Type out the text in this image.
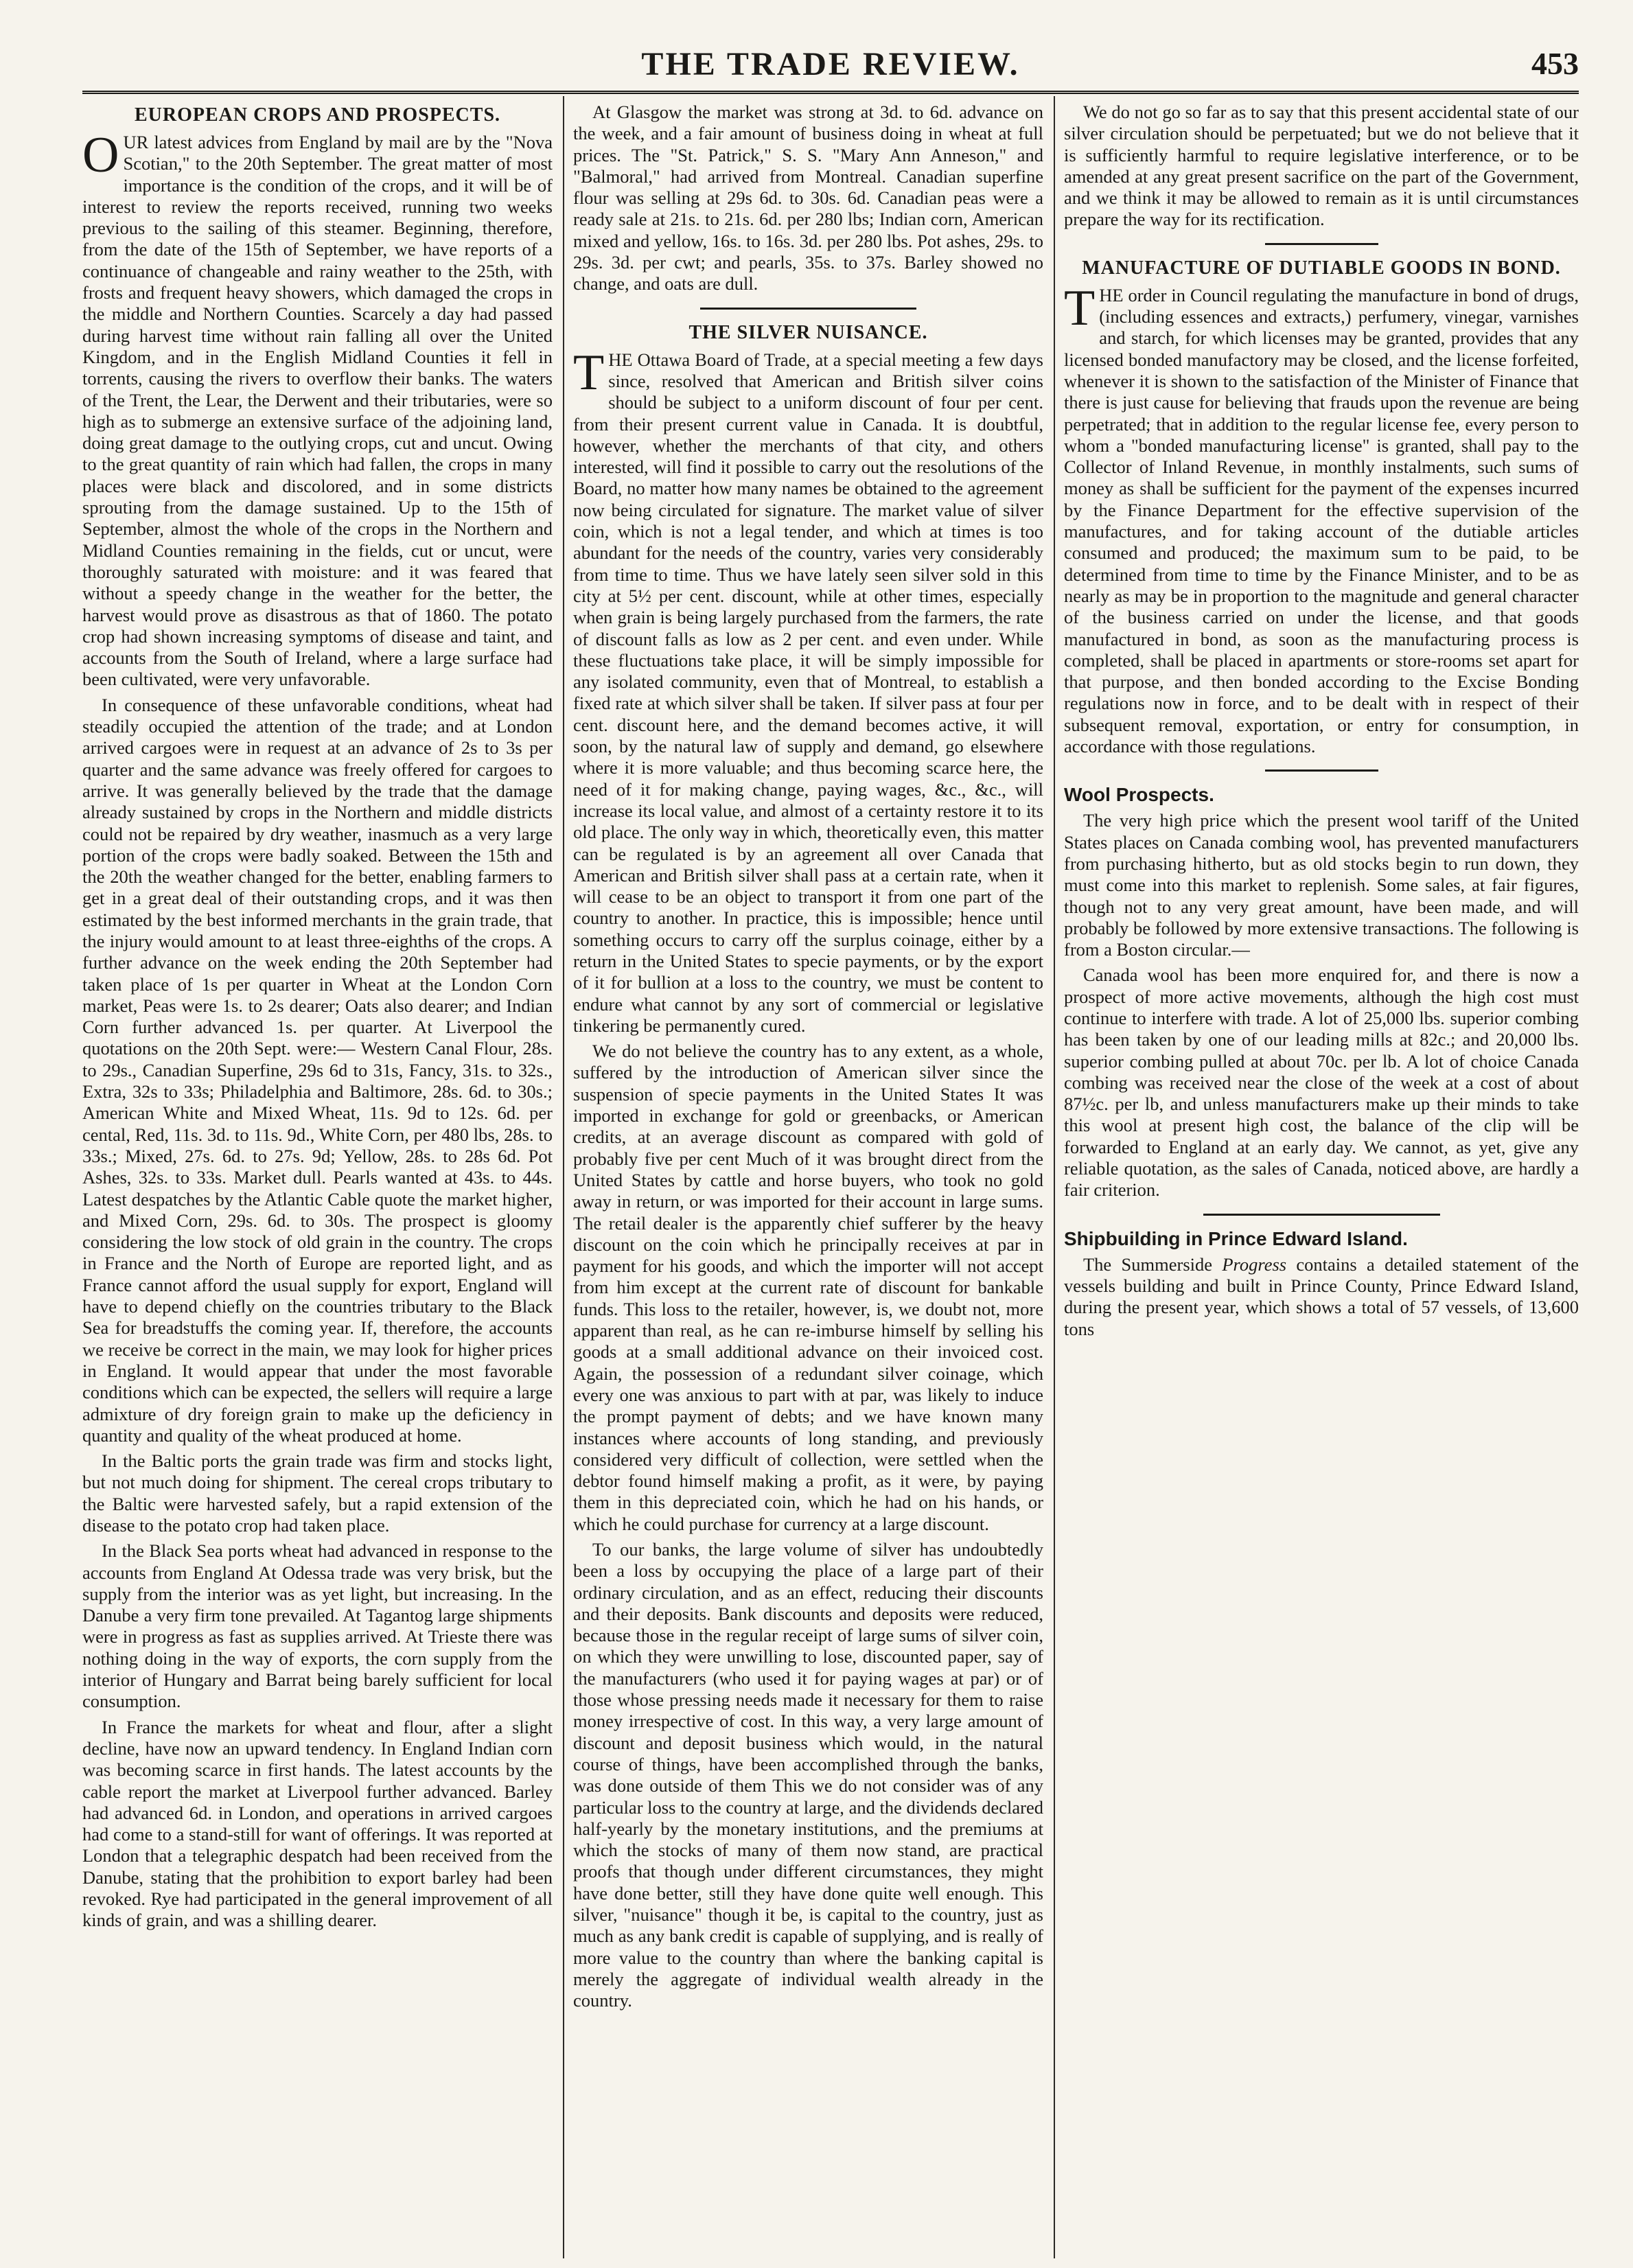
THE TRADE REVIEW.	453
EUROPEAN CROPS AND PROSPECTS.

OUR latest advices from England by mail are by the "Nova Scotian," to the 20th September. The great matter of most importance is the condition of the crops, and it will be of interest to review the reports received, running two weeks previous to the sailing of this steamer. Beginning, therefore, from the date of the 15th of September, we have reports of a continuance of changeable and rainy weather to the 25th, with frosts and frequent heavy showers, which damaged the crops in the middle and Northern Counties. Scarcely a day had passed during harvest time without rain falling all over the United Kingdom, and in the English Midland Counties it fell in torrents, causing the rivers to overflow their banks. The waters of the Trent, the Lear, the Derwent and their tributaries, were so high as to submerge an extensive surface of the adjoining land, doing great damage to the outlying crops, cut and uncut. Owing to the great quantity of rain which had fallen, the crops in many places were black and discolored, and in some districts sprouting from the damage sustained. Up to the 15th of September, almost the whole of the crops in the Northern and Midland Counties remaining in the fields, cut or uncut, were thoroughly saturated with moisture: and it was feared that without a speedy change in the weather for the better, the harvest would prove as disastrous as that of 1860. The potato crop had shown increasing symptoms of disease and taint, and accounts from the South of Ireland, where a large surface had been cultivated, were very unfavorable.

In consequence of these unfavorable conditions, wheat had steadily occupied the attention of the trade; and at London arrived cargoes were in request at an advance of 2s to 3s per quarter and the same advance was freely offered for cargoes to arrive. It was generally believed by the trade that the damage already sustained by crops in the Northern and middle districts could not be repaired by dry weather, inasmuch as a very large portion of the crops were badly soaked. Between the 15th and the 20th the weather changed for the better, enabling farmers to get in a great deal of their outstanding crops, and it was then estimated by the best informed merchants in the grain trade, that the injury would amount to at least three-eighths of the crops. A further advance on the week ending the 20th September had taken place of 1s per quarter in Wheat at the London Corn market, Peas were 1s. to 2s dearer; Oats also dearer; and Indian Corn further advanced 1s. per quarter. At Liverpool the quotations on the 20th Sept. were:— Western Canal Flour, 28s. to 29s., Canadian Superfine, 29s 6d to 31s, Fancy, 31s. to 32s., Extra, 32s to 33s; Philadelphia and Baltimore, 28s. 6d. to 30s.; American White and Mixed Wheat, 11s. 9d to 12s. 6d. per cental, Red, 11s. 3d. to 11s. 9d., White Corn, per 480 lbs, 28s. to 33s.; Mixed, 27s. 6d. to 27s. 9d; Yellow, 28s. to 28s 6d. Pot Ashes, 32s. to 33s. Market dull. Pearls wanted at 43s. to 44s. Latest despatches by the Atlantic Cable quote the market higher, and Mixed Corn, 29s. 6d. to 30s. The prospect is gloomy considering the low stock of old grain in the country. The crops in France and the North of Europe are reported light, and as France cannot afford the usual supply for export, England will have to depend chiefly on the countries tributary to the Black Sea for breadstuffs the coming year. If, therefore, the accounts we receive be correct in the main, we may look for higher prices in England. It would appear that under the most favorable conditions which can be expected, the sellers will require a large admixture of dry foreign grain to make up the deficiency in quantity and quality of the wheat produced at home.

In the Baltic ports the grain trade was firm and stocks light, but not much doing for shipment. The cereal crops tributary to the Baltic were harvested safely, but a rapid extension of the disease to the potato crop had taken place.

In the Black Sea ports wheat had advanced in response to the accounts from England At Odessa trade was very brisk, but the supply from the interior was as yet light, but increasing. In the Danube a very firm tone prevailed. At Tagantog large shipments were in progress as fast as supplies arrived. At Trieste there was nothing doing in the way of exports, the corn supply from the interior of Hungary and Barrat being barely sufficient for local consumption.

In France the markets for wheat and flour, after a slight decline, have now an upward tendency. In England Indian corn was becoming scarce in first hands. The latest accounts by the cable report the market at Liverpool further advanced. Barley had advanced 6d. in London, and operations in arrived cargoes had come to a stand-still for want of offerings. It was reported at London that a telegraphic despatch had been received from the Danube, stating that the prohibition to export barley had been revoked. Rye had participated in the general improvement of all kinds of grain, and was a shilling dearer.

At Glasgow the market was strong at 3d. to 6d. advance on the week, and a fair amount of business doing in wheat at full prices. The "St. Patrick," S. S. "Mary Ann Anneson," and "Balmoral," had arrived from Montreal. Canadian superfine flour was selling at 29s 6d. to 30s. 6d. Canadian peas were a ready sale at 21s. to 21s. 6d. per 280 lbs; Indian corn, American mixed and yellow, 16s. to 16s. 3d. per 280 lbs. Pot ashes, 29s. to 29s. 3d. per cwt; and pearls, 35s. to 37s. Barley showed no change, and oats are dull.

THE SILVER NUISANCE.

THE Ottawa Board of Trade, at a special meeting a few days since, resolved that American and British silver coins should be subject to a uniform discount of four per cent. from their present current value in Canada. It is doubtful, however, whether the merchants of that city, and others interested, will find it possible to carry out the resolutions of the Board, no matter how many names be obtained to the agreement now being circulated for signature. The market value of silver coin, which is not a legal tender, and which at times is too abundant for the needs of the country, varies very considerably from time to time. Thus we have lately seen silver sold in this city at 5½ per cent. discount, while at other times, especially when grain is being largely purchased from the farmers, the rate of discount falls as low as 2 per cent. and even under. While these fluctuations take place, it will be simply impossible for any isolated community, even that of Montreal, to establish a fixed rate at which silver shall be taken. If silver pass at four per cent. discount here, and the demand becomes active, it will soon, by the natural law of supply and demand, go elsewhere where it is more valuable; and thus becoming scarce here, the need of it for making change, paying wages, &c., &c., will increase its local value, and almost of a certainty restore it to its old place. The only way in which, theoretically even, this matter can be regulated is by an agreement all over Canada that American and British silver shall pass at a certain rate, when it will cease to be an object to transport it from one part of the country to another. In practice, this is impossible; hence until something occurs to carry off the surplus coinage, either by a return in the United States to specie payments, or by the export of it for bullion at a loss to the country, we must be content to endure what cannot by any sort of commercial or legislative tinkering be permanently cured.

We do not believe the country has to any extent, as a whole, suffered by the introduction of American silver since the suspension of specie payments in the United States It was imported in exchange for gold or greenbacks, or American credits, at an average discount as compared with gold of probably five per cent Much of it was brought direct from the United States by cattle and horse buyers, who took no gold away in return, or was imported for their account in large sums. The retail dealer is the apparently chief sufferer by the heavy discount on the coin which he principally receives at par in payment for his goods, and which the importer will not accept from him except at the current rate of discount for bankable funds. This loss to the retailer, however, is, we doubt not, more apparent than real, as he can re-imburse himself by selling his goods at a small additional advance on their invoiced cost. Again, the possession of a redundant silver coinage, which every one was anxious to part with at par, was likely to induce the prompt payment of debts; and we have known many instances where accounts of long standing, and previously considered very difficult of collection, were settled when the debtor found himself making a profit, as it were, by paying them in this depreciated coin, which he had on his hands, or which he could purchase for currency at a large discount.

To our banks, the large volume of silver has undoubtedly been a loss by occupying the place of a large part of their ordinary circulation, and as an effect, reducing their discounts and their deposits. Bank discounts and deposits were reduced, because those in the regular receipt of large sums of silver coin, on which they were unwilling to lose, discounted paper, say of the manufacturers (who used it for paying wages at par) or of those whose pressing needs made it necessary for them to raise money irrespective of cost. In this way, a very large amount of discount and deposit business which would, in the natural course of things, have been accomplished through the banks, was done outside of them This we do not consider was of any particular loss to the country at large, and the dividends declared half-yearly by the monetary institutions, and the premiums at which the stocks of many of them now stand, are practical proofs that though under different circumstances, they might have done better, still they have done quite well enough. This silver, "nuisance" though it be, is capital to the country, just as much as any bank credit is capable of supplying, and is really of more value to the country than where the banking capital is merely the aggregate of individual wealth already in the country.

We do not go so far as to say that this present accidental state of our silver circulation should be perpetuated; but we do not believe that it is sufficiently harmful to require legislative interference, or to be amended at any great present sacrifice on the part of the Government, and we think it may be allowed to remain as it is until circumstances prepare the way for its rectification.

MANUFACTURE OF DUTIABLE GOODS IN BOND.

THE order in Council regulating the manufacture in bond of drugs, (including essences and extracts,) perfumery, vinegar, varnishes and starch, for which licenses may be granted, provides that any licensed bonded manufactory may be closed, and the license forfeited, whenever it is shown to the satisfaction of the Minister of Finance that there is just cause for believing that frauds upon the revenue are being perpetrated; that in addition to the regular license fee, every person to whom a "bonded manufacturing license" is granted, shall pay to the Collector of Inland Revenue, in monthly instalments, such sums of money as shall be sufficient for the payment of the expenses incurred by the Finance Department for the effective supervision of the manufactures, and for taking account of the dutiable articles consumed and produced; the maximum sum to be paid, to be determined from time to time by the Finance Minister, and to be as nearly as may be in proportion to the magnitude and general character of the business carried on under the license, and that goods manufactured in bond, as soon as the manufacturing process is completed, shall be placed in apartments or store-rooms set apart for that purpose, and then bonded according to the Excise Bonding regulations now in force, and to be dealt with in respect of their subsequent removal, exportation, or entry for consumption, in accordance with those regulations.

Wool Prospects.

The very high price which the present wool tariff of the United States places on Canada combing wool, has prevented manufacturers from purchasing hitherto, but as old stocks begin to run down, they must come into this market to replenish. Some sales, at fair figures, though not to any very great amount, have been made, and will probably be followed by more extensive transactions. The following is from a Boston circular.—

Canada wool has been more enquired for, and there is now a prospect of more active movements, although the high cost must continue to interfere with trade. A lot of 25,000 lbs. superior combing has been taken by one of our leading mills at 82c.; and 20,000 lbs. superior combing pulled at about 70c. per lb. A lot of choice Canada combing was received near the close of the week at a cost of about 87½c. per lb, and unless manufacturers make up their minds to take this wool at present high cost, the balance of the clip will be forwarded to England at an early day. We cannot, as yet, give any reliable quotation, as the sales of Canada, noticed above, are hardly a fair criterion.

Shipbuilding in Prince Edward Island.

The Summerside Progress contains a detailed statement of the vessels building and built in Prince County, Prince Edward Island, during the present year, which shows a total of 57 vessels, of 13,600 tons
